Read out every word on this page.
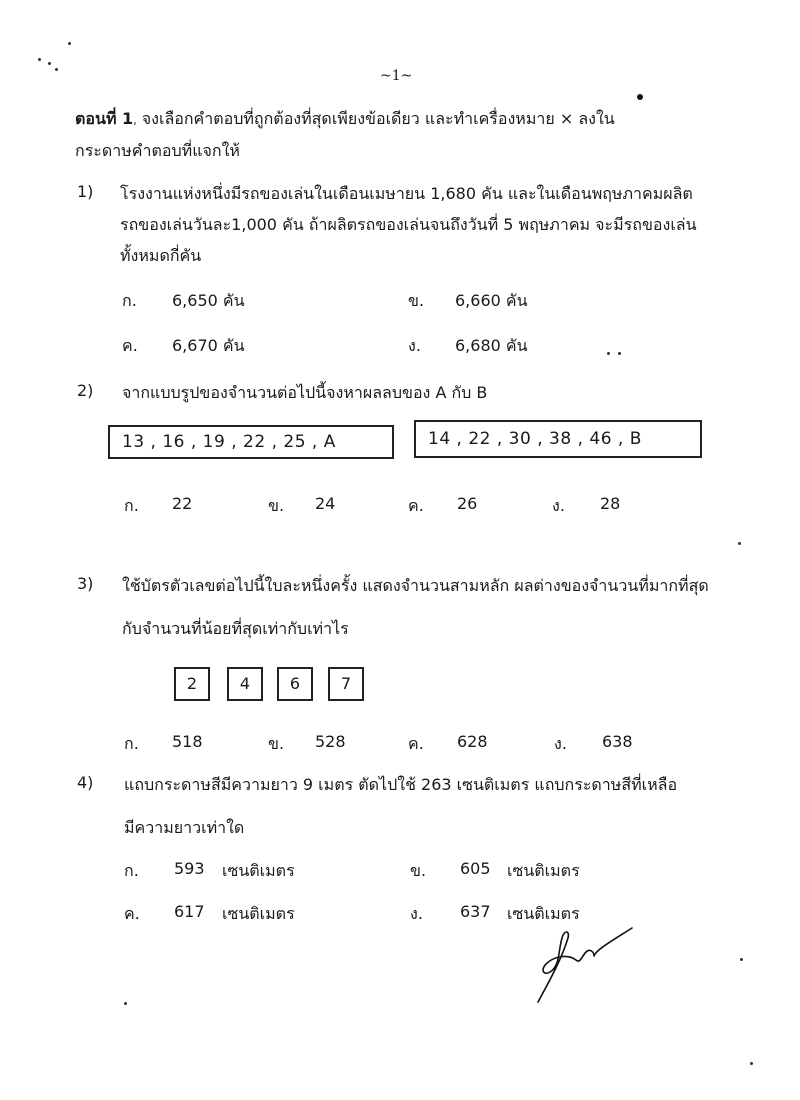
~1~
ตอนที่ 1, จงเลือกคำตอบที่ถูกต้องที่สุดเพียงข้อเดียว และทำเครื่องหมาย × ลงใน
กระดาษคำตอบที่แจกให้
1) โรงงานแห่งหนึ่งมีรถของเล่นในเดือนเมษายน 1,680 คัน และในเดือนพฤษภาคมผลิต
รถของเล่นวันละ1,000 คัน ถ้าผลิตรถของเล่นจนถึงวันที่ 5 พฤษภาคม จะมีรถของเล่น
ทั้งหมดกี่คัน
ก. 6,650 คัน	ข. 6,660 คัน
ค. 6,670 คัน	ง. 6,680 คัน
2) จากแบบรูปของจำนวนต่อไปนี้จงหาผลลบของ A กับ B
13 , 16 , 19 , 22 , 25 , A	14 , 22 , 30 , 38 , 46 , B
ก. 22	ข. 24	ค. 26	ง. 28
3) ใช้บัตรตัวเลขต่อไปนี้ใบละหนึ่งครั้ง แสดงจำนวนสามหลัก ผลต่างของจำนวนที่มากที่สุด
กับจำนวนที่น้อยที่สุดเท่ากับเท่าไร
2	4	6	7
ก. 518	ข. 528	ค. 628	ง. 638
4) แถบกระดาษสีมีความยาว 9 เมตร ตัดไปใช้ 263 เซนติเมตร แถบกระดาษสีที่เหลือ
มีความยาวเท่าใด
ก. 593 เซนติเมตร	ข. 605 เซนติเมตร
ค. 617 เซนติเมตร	ง. 637 เซนติเมตร
